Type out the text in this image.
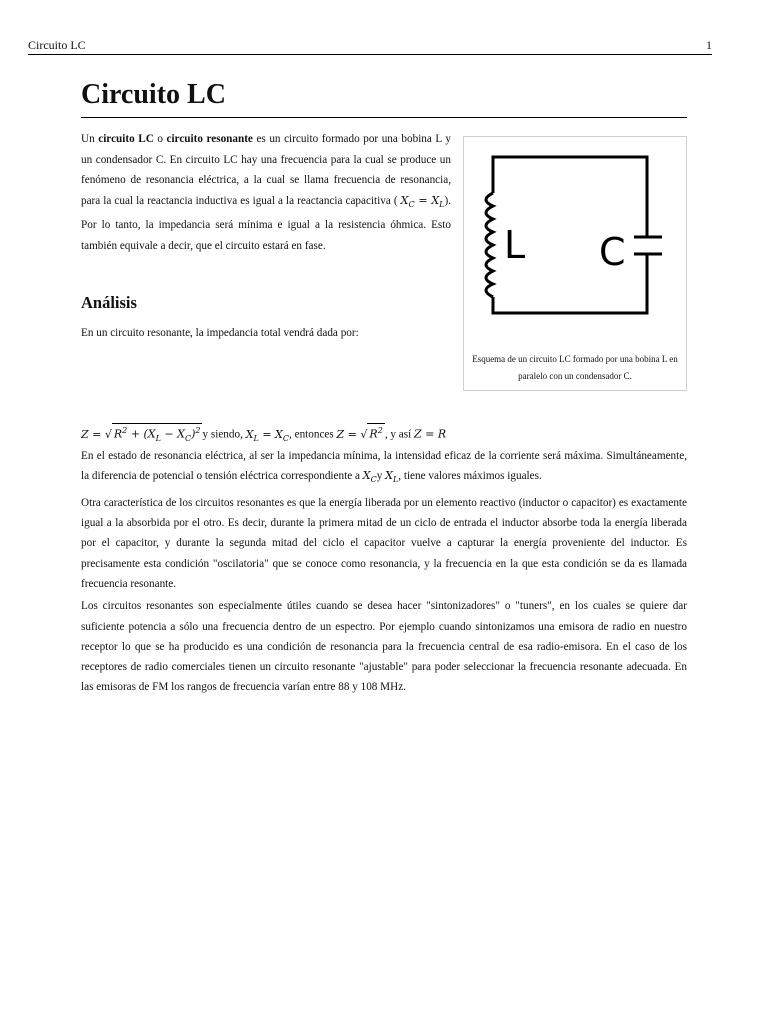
Circuito LC	1
Circuito LC

Un circuito LC o circuito resonante es un circuito formado por una bobina L y un condensador C. En circuito LC hay una frecuencia para la cual se produce un fenómeno de resonancia eléctrica, a la cual se llama frecuencia de resonancia, para la cual la reactancia inductiva es igual a la reactancia capacitiva ( $X_C = X_L$). Por lo tanto, la impedancia será mínima e igual a la resistencia óhmica. Esto también equivale a decir, que el circuito estará en fase.	L C
Esquema de un circuito LC formado por una bobina L en paralelo con un condensador C.
Análisis

En un circuito resonante, la impedancia total vendrá dada por:

Z = √ $R^2 + (X_L - X_C)^2$ y siendo, $X_L = X_C$, entonces Z = √ $R^2$ , y así Z = R

En el estado de resonancia eléctrica, al ser la impedancia mínima, la intensidad eficaz de la corriente será máxima. Simultáneamente, la diferencia de potencial o tensión eléctrica correspondiente a $X_Cy$ $X_L$, tiene valores máximos iguales.

Otra característica de los circuitos resonantes es que la energía liberada por un elemento reactivo (inductor o capacitor) es exactamente igual a la absorbida por el otro. Es decir, durante la primera mitad de un ciclo de entrada el inductor absorbe toda la energía liberada por el capacitor, y durante la segunda mitad del ciclo el capacitor vuelve a capturar la energía proveniente del inductor. Es precisamente esta condición "oscilatoria" que se conoce como resonancia, y la frecuencia en la que esta condición se da es llamada frecuencia resonante.

Los circuitos resonantes son especialmente útiles cuando se desea hacer "sintonizadores" o "tuners", en los cuales se quiere dar suficiente potencia a sólo una frecuencia dentro de un espectro. Por ejemplo cuando sintonizamos una emisora de radio en nuestro receptor lo que se ha producido es una condición de resonancia para la frecuencia central de esa radio-emisora. En el caso de los receptores de radio comerciales tienen un circuito resonante "ajustable" para poder seleccionar la frecuencia resonante adecuada. En las emisoras de FM los rangos de frecuencia varían entre 88 y 108 MHz.
